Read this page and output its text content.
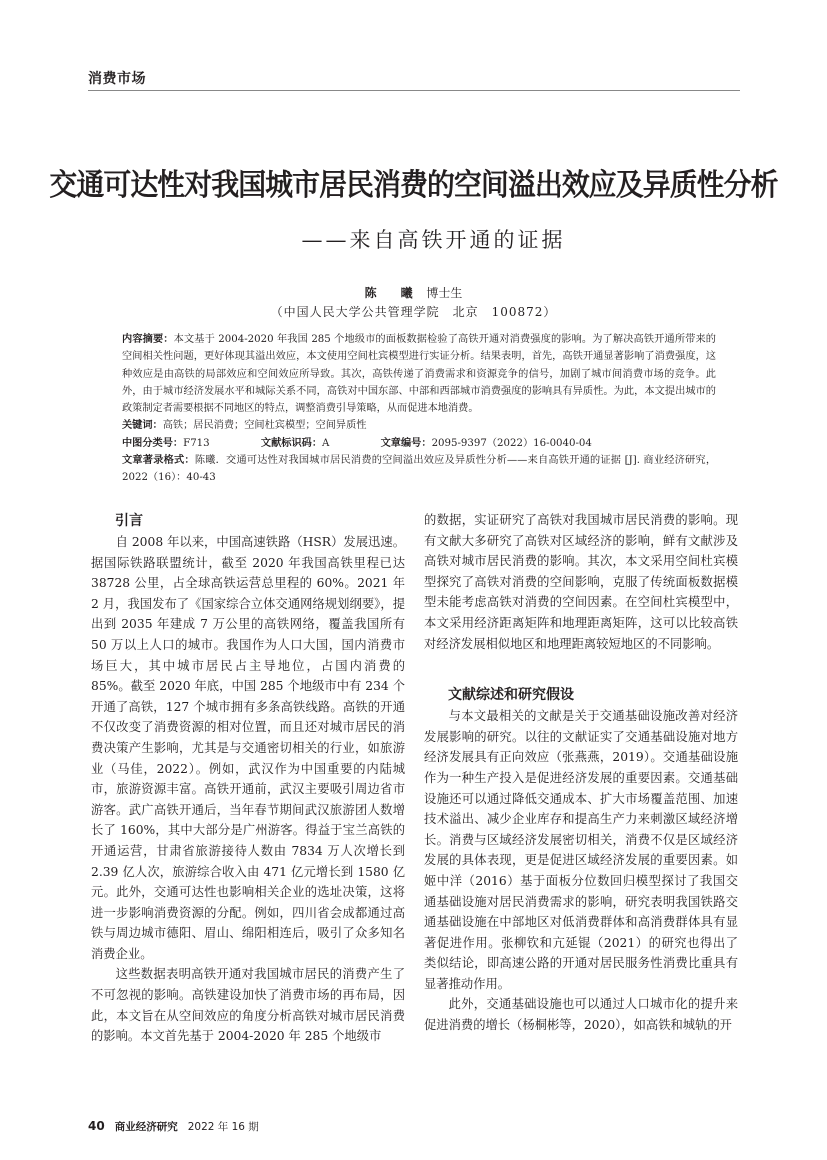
消费市场
交通可达性对我国城市居民消费的空间溢出效应及异质性分析
——来自高铁开通的证据
陈　曦 博士生
（中国人民大学公共管理学院　北京　100872）
内容摘要：本文基于 2004-2020 年我国 285 个地级市的面板数据检验了高铁开通对消费强度的影响。为了解决高铁开通所带来的空间相关性问题，更好体现其溢出效应，本文使用空间杜宾模型进行实证分析。结果表明，首先，高铁开通显著影响了消费强度，这种效应是由高铁的局部效应和空间效应所导致。其次，高铁传递了消费需求和资源竞争的信号，加剧了城市间消费市场的竞争。此外，由于城市经济发展水平和城际关系不同，高铁对中国东部、中部和西部城市消费强度的影响具有异质性。为此，本文提出城市的政策制定者需要根据不同地区的特点，调整消费引导策略，从而促进本地消费。
关键词：高铁；居民消费；空间杜宾模型；空间异质性
中图分类号：F713	文献标识码：A	文章编号：2095-9397（2022）16-0040-04
文章著录格式：陈曦．交通可达性对我国城市居民消费的空间溢出效应及异质性分析——来自高铁开通的证据 [J]. 商业经济研究，2022（16）：40-43
引言

自 2008 年以来，中国高速铁路（HSR）发展迅速。据国际铁路联盟统计，截至 2020 年我国高铁里程已达 38728 公里，占全球高铁运营总里程的 60%。2021 年 2 月，我国发布了《国家综合立体交通网络规划纲要》，提出到 2035 年建成 7 万公里的高铁网络，覆盖我国所有 50 万以上人口的城市。我国作为人口大国，国内消费市场巨大，其中城市居民占主导地位，占国内消费的 85%。截至 2020 年底，中国 285 个地级市中有 234 个开通了高铁，127 个城市拥有多条高铁线路。高铁的开通不仅改变了消费资源的相对位置，而且还对城市居民的消费决策产生影响，尤其是与交通密切相关的行业，如旅游业（马佳，2022）。例如，武汉作为中国重要的内陆城市，旅游资源丰富。高铁开通前，武汉主要吸引周边省市游客。武广高铁开通后，当年春节期间武汉旅游团人数增长了 160%，其中大部分是广州游客。得益于宝兰高铁的开通运营，甘肃省旅游接待人数由 7834 万人次增长到 2.39 亿人次，旅游综合收入由 471 亿元增长到 1580 亿元。此外，交通可达性也影响相关企业的选址决策，这将进一步影响消费资源的分配。例如，四川省会成都通过高铁与周边城市德阳、眉山、绵阳相连后，吸引了众多知名消费企业。

这些数据表明高铁开通对我国城市居民的消费产生了不可忽视的影响。高铁建设加快了消费市场的再布局，因此，本文旨在从空间效应的角度分析高铁对城市居民消费的影响。本文首先基于 2004-2020 年 285 个地级市

的数据，实证研究了高铁对我国城市居民消费的影响。现有文献大多研究了高铁对区域经济的影响，鲜有文献涉及高铁对城市居民消费的影响。其次，本文采用空间杜宾模型探究了高铁对消费的空间影响，克服了传统面板数据模型未能考虑高铁对消费的空间因素。在空间杜宾模型中，本文采用经济距离矩阵和地理距离矩阵，这可以比较高铁对经济发展相似地区和地理距离较短地区的不同影响。

文献综述和研究假设

与本文最相关的文献是关于交通基础设施改善对经济发展影响的研究。以往的文献证实了交通基础设施对地方经济发展具有正向效应（张燕燕，2019）。交通基础设施作为一种生产投入是促进经济发展的重要因素。交通基础设施还可以通过降低交通成本、扩大市场覆盖范围、加速技术溢出、减少企业库存和提高生产力来刺激区域经济增长。消费与区域经济发展密切相关，消费不仅是区域经济发展的具体表现，更是促进区域经济发展的重要因素。如姬中洋（2016）基于面板分位数回归模型探讨了我国交通基础设施对居民消费需求的影响，研究表明我国铁路交通基础设施在中部地区对低消费群体和高消费群体具有显著促进作用。张柳钦和亢延锟（2021）的研究也得出了类似结论，即高速公路的开通对居民服务性消费比重具有显著推动作用。

此外，交通基础设施也可以通过人口城市化的提升来促进消费的增长（杨桐彬等，2020），如高铁和城轨的开

40 商业经济研究 2022 年 16 期
